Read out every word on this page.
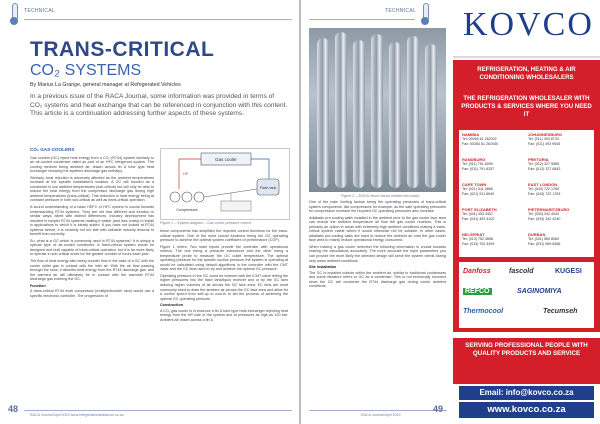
TECHNICAL
TRANS-CRITICAL
CO₂ SYSTEMS
By Marius La Grange, general manager at Refrigerated Vehicles

In a previous issue of the RACA Journal, some information was provided in terms of CO₂ systems and heat exchange that can be referenced in conjunction with this content. This article is a continuation addressing further aspects of these systems.

CO₂ GAS-COOLERS

Gas coolers (GC) reject heat energy from a CO₂ (R744) system similarly to an air-cooled condenser rated as part of an HFC refrigerant system. The cooling medium being ambient air, drawn across fin & tube type heat exchanger reducing the systems discharge gas enthalpy.

Similarly, heat rejection is adversely affected as the ambient temperatures increase at the specific installation's location. A GC will function as a condenser in low ambient temperatures (sub-critical) but will only be able to reduce the heat energy from the compressor discharge gas during high ambient temperatures (trans-critical). This reduction in heat energy being at constant pressure in both sub-critical as well as trans-critical operation.

A sound understanding of a basic HEFC or HFC system is crucial towards understanding R744 systems. They are not that different and function in similar ways, albeit with distinct differences. Industry development has resulted in simpler R744 systems making it easier (and less costly) to install in applications to which it is ideally suited. If you have not looked at R744 systems before, it is certainly not too late with valuable industry lessons to benefit from currently.

So, what is a GC which is commonly used in R744 systems? It is simply a special type of air-cooled condenser. A trans-critical system would be designed and built capable of trans-critical operation, but it is far more likely to operate in sub-critical mode for the greater number of hours each year.

The flow of heat energy also being counter flow in the case of a GC with the cooler outlet gas in contact with the inlet air. With the air flow passing through the rows, it absorbs heat energy from the R744 discharge gas, and the warmed air will ultimately be in contact with the warmest R744 discharge gas entering the GC.

Function

A trans-critical R744 multi compressor (multiple/booster rack) would use a specific electronic controller. The progression of

Gas cooler
Flash tank
Compressors
HP
Figure 1 – System diagram – Gas cooler pressure control

these components has simplified the required control functions for the trans-critical system. One of the most crucial functions being the GC operating pressure to achieve the optimal system coefficient of performance (COP).

Figure 1 refers. Two main inputs provide the controller with operational metrics. The one being a pressure transducer and the other being a temperature probe to measure the GC outlet temperature. The optimal operating pressure for the specific suction pressure the system is operating at would be calculated using default algorithms in the controller with the CMT valve and the GC fans used to try and achieve the optimal GC pressure.

Operating pressure in the GC could be lowered with the ICMT valve letting the higher pressures into the flash tank/liquid receiver and or by the GC fans drawing higher volumes of air across the GC face area. EC fans are most commonly used to draw the ambient air across the GC face area and allow for a control speed from soft-up to cool-fs to aid the process of achieving the optimal GC operating pressure.

Construction

A CO₂ gas cooler is in essence a fin & tube type heat exchanger rejecting heat energy from the HP side of the system and at pressures as high as 120 bar. Ambient air drawn across a fin &

48
RACA Journal April 2019 www.refrigerationandaircon.co.za
TECHNICAL
Figure 2 – 304SS return bends welded into tubes

One of the main limiting factors being the operating pressures of trans-critical system components, like compressors for example, as the safe operating pressures for compression increase the required GC operating pressures also increase.

Adiabatic pre-cooling walls installed in the ambient prior to the gas cooler face area can reduce the ambient temperature air flow the gas cooler receives. This is primarily an option in areas with extremely high ambient conditions making a trans-critical system viable where it would otherwise not be suitable. In other cases, adiabatic pre-cooling walls are used to reduce the ambient air onto the gas cooler face area to mainly reduce operational energy consumed.

When making a gas cooler selection the following information is crucial towards making the calculations accurately. The more accurate the input parameters you can provide the more likely the selected design will serve the system needs during very warm ambient conditions.

Site installation

The GC is installed outside within the ambient air, similar to traditional condensers and some literature refers to GC as a condenser. This is not technically incorrect since the GC will condense the R744 discharge gas during cooler ambient conditions.

RACA Journal April 2019
49
KOVCO
REFRIGERATION, HEATING & AIR CONDITIONING WHOLESALERS
THE REFRIGERATION WHOLESALER WITH PRODUCTS & SERVICES WHERE YOU NEED IT
NAMIBIA
Tel: 00264 61 262002
Fax: 00264 61 261930
JOHANNESBURG
Tel: (011) 493 8734
Fax: (011) 493 9545
RANDBURG
Tel: (011) 791 6090
Fax: (011) 791 8257
PRETORIA
Tel: (012) 327 5585
Fax: (012) 327 6843
CAPE TOWN
Tel: (021) 511 0866
Fax: (021) 511 6640
EAST LONDON
Tel: (043) 722 1760
Fax: (043) 722 1763
PORT ELIZABETH
Tel: (041) 453 4407
Fax: (041) 453 4102
PIETERMARITZBURG
Tel: (033) 342 4044
Fax: (033) 342 4240
NELSPRUIT
Tel: (013) 752 4656
Fax: (013) 752 4499
DURBAN
Tel: (031) 569 8060
Fax: (031) 569 6366
Danfoss	fascold	KUGESI
REFCO	SAGINOMIYA
Thermocool	Tecumseh
SERVING PROFESSIONAL PEOPLE WITH QUALITY PRODUCTS AND SERVICE
Email: info@kovco.co.za
www.kovco.co.za
